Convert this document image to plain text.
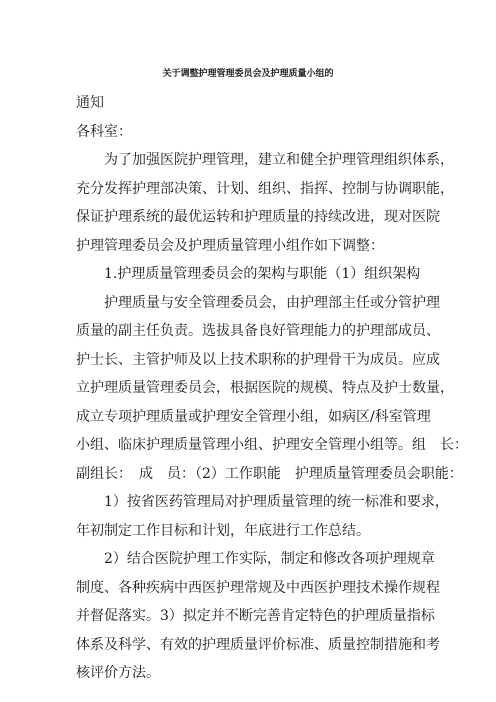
关于调整护理管理委员会及护理质量小组的
通知
各科室：
为了加强医院护理管理，建立和健全护理管理组织体系，
充分发挥护理部决策、计划、组织、指挥、控制与协调职能，
保证护理系统的最优运转和护理质量的持续改进，现对医院
护理管理委员会及护理质量管理小组作如下调整：
1.护理质量管理委员会的架构与职能（1）组织架构
护理质量与安全管理委员会，由护理部主任或分管护理
质量的副主任负责。选拔具备良好管理能力的护理部成员、
护士长、主管护师及以上技术职称的护理骨干为成员。应成
立护理质量管理委员会，根据医院的规模、特点及护士数量，
成立专项护理质量或护理安全管理小组，如病区/科室管理
小组、临床护理质量管理小组、护理安全管理小组等。组　长：
副组长：　成　员：（2）工作职能　护理质量管理委员会职能：
1）按省医药管理局对护理质量管理的统一标准和要求，
年初制定工作目标和计划，年底进行工作总结。
2）结合医院护理工作实际，制定和修改各项护理规章
制度、各种疾病中西医护理常规及中西医护理技术操作规程
并督促落实。3）拟定并不断完善肯定特色的护理质量指标
体系及科学、有效的护理质量评价标准、质量控制措施和考
核评价方法。
